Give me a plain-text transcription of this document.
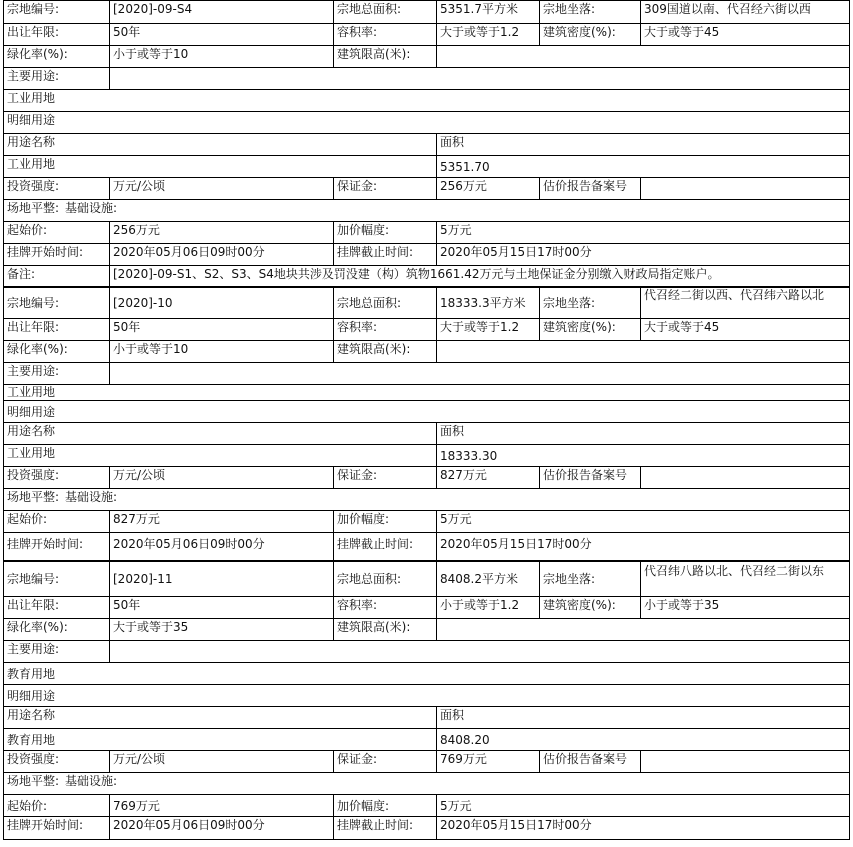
宗地编号:	[2020]-09-S4	宗地总面积:	5351.7平方米	宗地坐落:	309国道以南、代召经六街以西
出让年限:	50年	容积率:	大于或等于1.2	建筑密度(%):	大于或等于45
绿化率(%):	小于或等于10	建筑限高(米):
主要用途:
工业用地
明细用途
用途名称	面积
工业用地	5351.70
投资强度:	万元/公顷	保证金:	256万元	估价报告备案号
场地平整: 基础设施:
起始价:	256万元	加价幅度:	5万元
挂牌开始时间:	2020年05月06日09时00分	挂牌截止时间:	2020年05月15日17时00分
备注:	[2020]-09-S1、S2、S3、S4地块共涉及罚没建（构）筑物1661.42万元与土地保证金分别缴入财政局指定账户。
宗地编号:	[2020]-10	宗地总面积:	18333.3平方米	宗地坐落:
代召经二街以西、代召纬六路以北
出让年限:	50年	容积率:	大于或等于1.2	建筑密度(%):	大于或等于45
绿化率(%):	小于或等于10	建筑限高(米):
主要用途:
工业用地
明细用途
用途名称	面积
工业用地	18333.30
投资强度:	万元/公顷	保证金:	827万元	估价报告备案号
场地平整: 基础设施:
起始价:	827万元	加价幅度:	5万元
挂牌开始时间:	2020年05月06日09时00分	挂牌截止时间:	2020年05月15日17时00分
宗地编号:	[2020]-11	宗地总面积:	8408.2平方米	宗地坐落:
代召纬八路以北、代召经二街以东
出让年限:	50年	容积率:	小于或等于1.2	建筑密度(%):	小于或等于35
绿化率(%):	大于或等于35	建筑限高(米):
主要用途:
教育用地
明细用途
用途名称	面积
教育用地	8408.20
投资强度:	万元/公顷	保证金:	769万元	估价报告备案号
场地平整: 基础设施:
起始价:	769万元	加价幅度:	5万元
挂牌开始时间:	2020年05月06日09时00分	挂牌截止时间:	2020年05月15日17时00分
